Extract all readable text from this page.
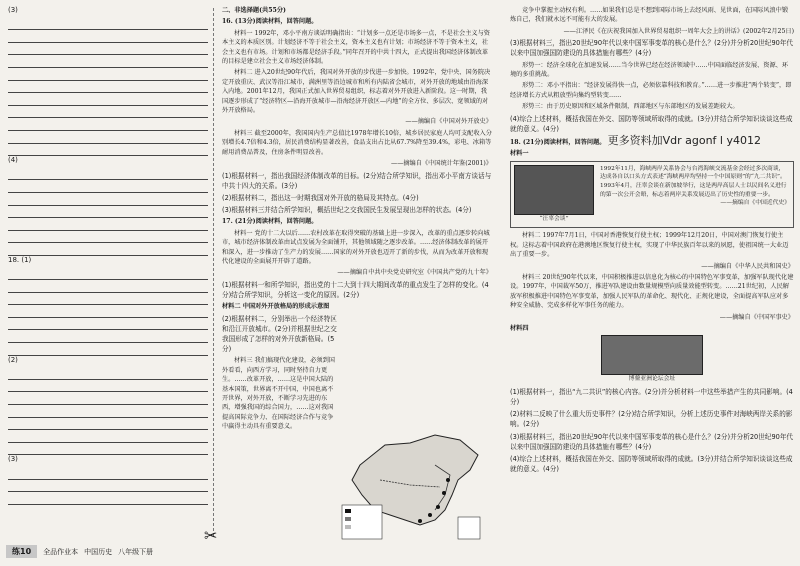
(3)
(4)
18. (1)
(2)
(3)
✂

二、非选择题(共55分)

16. (13分)阅读材料，回答问题。

材料一 1992年，邓小平南方谈话明确指出：“计划多一点还是市场多一点，不是社会主义与资本主义的本质区别。计划经济不等于社会主义，资本主义也有计划；市场经济不等于资本主义，社会主义也有市场。计划和市场都是经济手段。”同年召开的中共十四大，正式提出我国经济体制改革的目标是建立社会主义市场经济体制。

材料二 进入20世纪90年代后，我国对外开放的步伐进一步加快。1992年，党中央、国务院决定开放重庆、武汉等沿江城市，满洲里等沿边城市和所有内陆省会城市，对外开放的地域由沿海深入内地。2001年12月，我国正式加入世界贸易组织，标志着对外开放进入新阶段。这一时期，我国逐步形成了“经济特区—沿海开放城市—沿海经济开放区—内地”的全方位、多层次、宽领域的对外开放格局。

——摘编自《中国对外开放史》

材料三 截至2000年，我国国内生产总值比1978年增长10倍，城乡居民家庭人均可支配收入分别增长4.7倍和4.3倍，居民消费结构显著改善，食品支出占比从67.7%降至39.4%，彩电、冰箱等耐用消费品普及，住房条件明显改善。

——摘编自《中国统计年鉴(2001)》

(1)根据材料一，指出我国经济体制改革的目标。(2分)结合所学知识，指出邓小平南方谈话与中共十四大的关系。(3分)

(2)根据材料二，指出这一时期我国对外开放的格局及其特点。(4分)

(3)根据材料三并结合所学知识，概括世纪之交我国民生发展呈现出怎样的状态。(4分)

17. (21分)阅读材料，回答问题。

材料一 党的十二大以后……农村改革在取得突破的基础上进一步深入，改革的重点逐步转向城市，城市经济体制改革由试点发展为全面铺开，其他领域随之逐步改革。……经济体制改革的展开和深入，进一步推动了生产力的发展……国家的对外开放也迈开了新的步伐，从而为改革开放和现代化建设的全面展开开辟了道路。

——摘编自中共中央党史研究室《中国共产党的九十年》

(1)根据材料一和所学知识，指出党的十二大到十四大期间改革的重点发生了怎样的变化。(4分)结合所学知识，分析这一变化的原因。(2分)

材料二 中国对外开放格局的形成示意图

(2)根据材料二，分别举出一个经济特区和沿江开放城市。(2分)并根据世纪之交我国形成了怎样的对外开放新格局。(5分)

材料三 我们搞现代化建设，必须到国外看看，向西方学习，同时坚持自力更生。……改革开放，……这是中国大陆的基本国策，世界离不开中国，中国也离不开世界，对外开放，不断学习先进的东西，增强我国的综合国力，……这对我国提高国际竞争力、在国际经济合作与竞争中赢得主动具有重要意义。

竞争中掌握主动权有利。……如果我们总是不想到国际市场上去经风雨、见世面，在国际风浪中锻炼自己，我们就永远不可能有大的发展。

——江泽民《在庆祝我国加入世界贸易组织一周年大会上的讲话》(2002年2月25日)

(3)根据材料三，指出20世纪90年代以来中国军事变革的核心是什么？(2分)并分析20世纪90年代以来中国加强国防建设的具体措施有哪些？(4分)

形势一：经济全球化在加速发展……当今世界已经在经济领域中……中国面临经济发展、资源、环境的多重挑战。

形势二：邓小平指出：“经济发展得快一点，必须依靠科技和教育。”……进一步推进“两个转变”，即经济增长方式从粗放型向集约型转变……

形势三：由于历史原因和区域条件限制，西部地区与东部地区的发展差距较大。

(4)综合上述材料，概括我国在外交、国防等领域所取得的成就。(3分)并结合所学知识谈谈这些成就的意义。(4分)

18. (21分)阅读材料，回答问题。 更多资料加Vdr agonf l y4012

材料一

“汪辜会谈”
1992年11月，海峡两岸关系协会与台湾海峡交流基金会经过多次商谈，达成各自以口头方式表述“海峡两岸均坚持一个中国原则”的“九二共识”。1993年4月，汪辜会谈在新加坡举行，这是两岸高层人士以民间名义进行的第一次公开会晤，标志着两岸关系发展迈出了历史性的重要一步。
——摘编自《中国近代史》

材料二 1997年7月1日，中国对香港恢复行使主权；1999年12月20日，中国对澳门恢复行使主权。这标志着中国政府在港澳地区恢复行使主权，实现了中华民族百年以来的夙愿，使祖国统一大业迈出了重要一步。

——摘编自《中华人民共和国史》

材料三 20世纪90年代以来，中国积极推进以信息化为核心的中国特色军事变革，加强军队现代化建设。1997年，中国裁军50万，推进军队建设由数量规模型向质量效能型转变。……21世纪初，人民解放军积极推进中国特色军事变革，加强人民军队的革命化、现代化、正规化建设，全面提高军队应对多种安全威胁、完成多样化军事任务的能力。

——摘编自《中国军事史》

材料四

博鳌亚洲论坛会址

(1)根据材料一，指出“九二共识”的核心内容。(2分)并分析材料一中这些举措产生的共同影响。(4分)

(2)材料二反映了什么重大历史事件？(2分)结合所学知识，分析上述历史事件对海峡两岸关系的影响。(2分)

(3)根据材料三，指出20世纪90年代以来中国军事变革的核心是什么？(2分)并分析20世纪90年代以来中国加强国防建设的具体措施有哪些？(4分)

(4)综合上述材料，概括我国在外交、国防等领域所取得的成就。(3分)并结合所学知识谈谈这些成就的意义。(4分)

练10	全品作业本 中国历史 八年级下册
